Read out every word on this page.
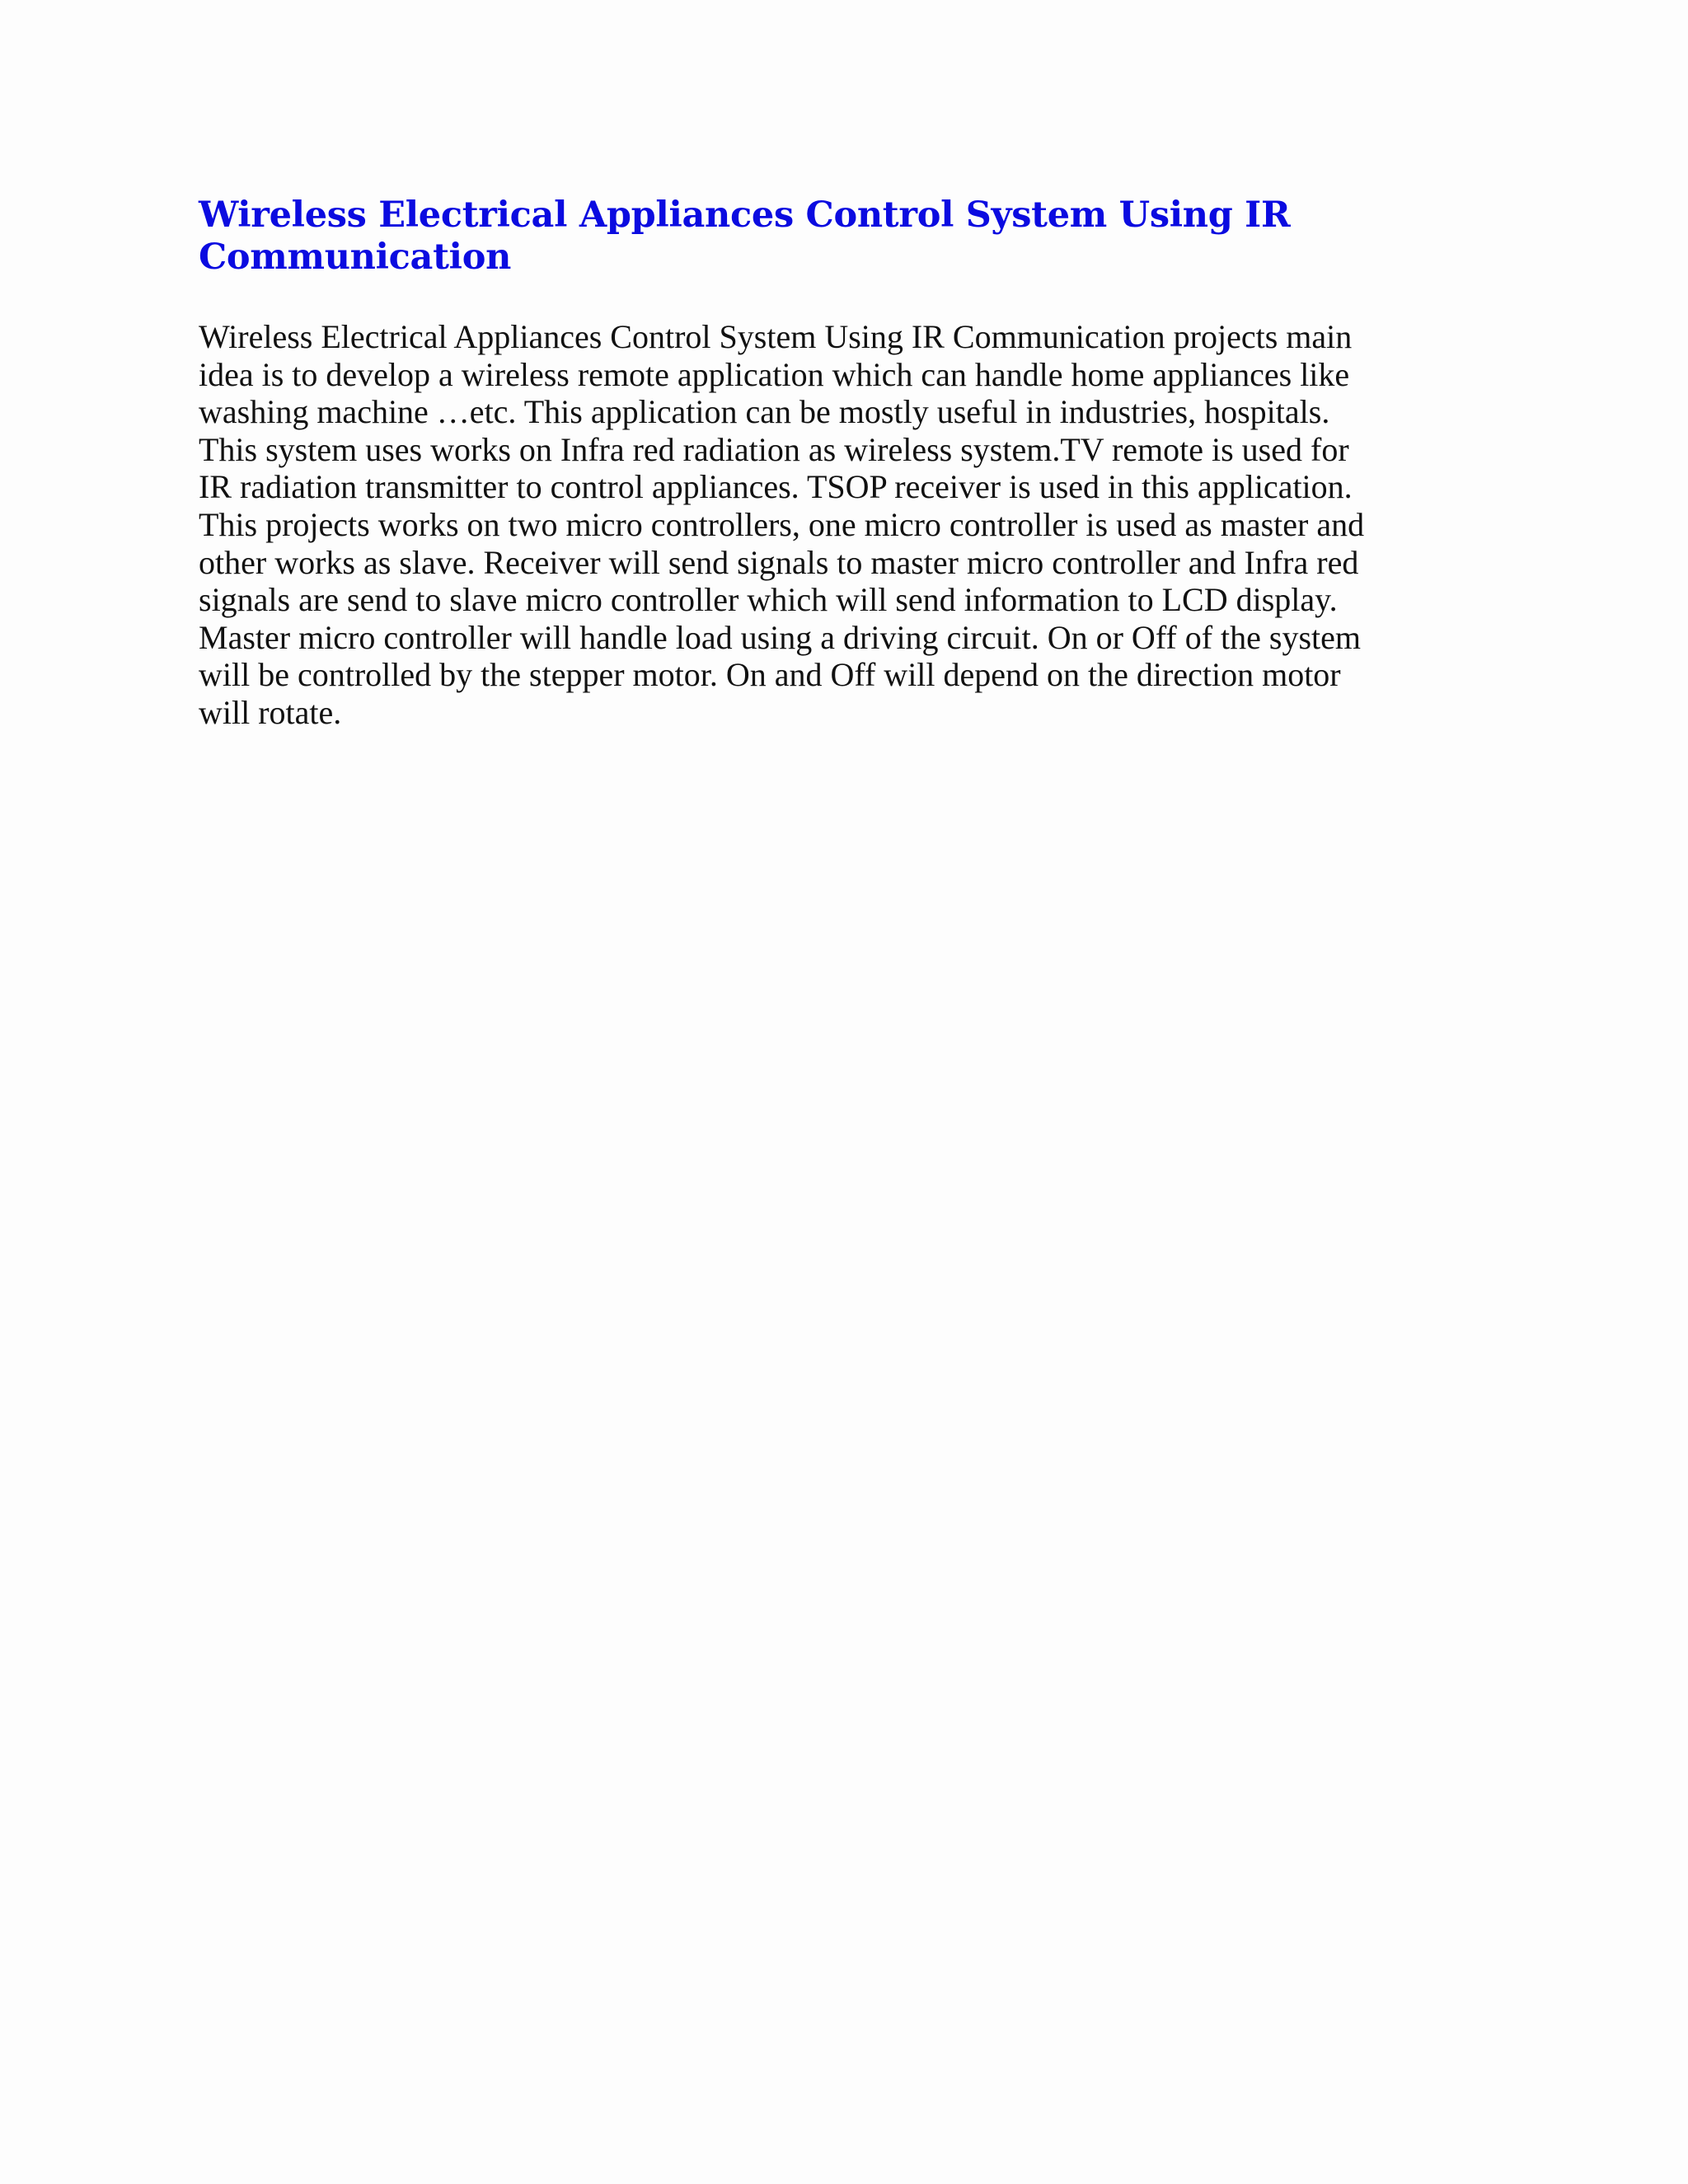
Wireless Electrical Appliances Control System Using IR
Communication

Wireless Electrical Appliances Control System Using IR Communication projects main
idea is to develop a wireless remote application which can handle home appliances like
washing machine …etc. This application can be mostly useful in industries, hospitals.
This system uses works on Infra red radiation as wireless system.TV remote is used for
IR radiation transmitter to control appliances. TSOP receiver is used in this application.
This projects works on two micro controllers, one micro controller is used as master and
other works as slave. Receiver will send signals to master micro controller and Infra red
signals are send to slave micro controller which will send information to LCD display.
Master micro controller will handle load using a driving circuit. On or Off of the system
will be controlled by the stepper motor. On and Off will depend on the direction motor
will rotate.
